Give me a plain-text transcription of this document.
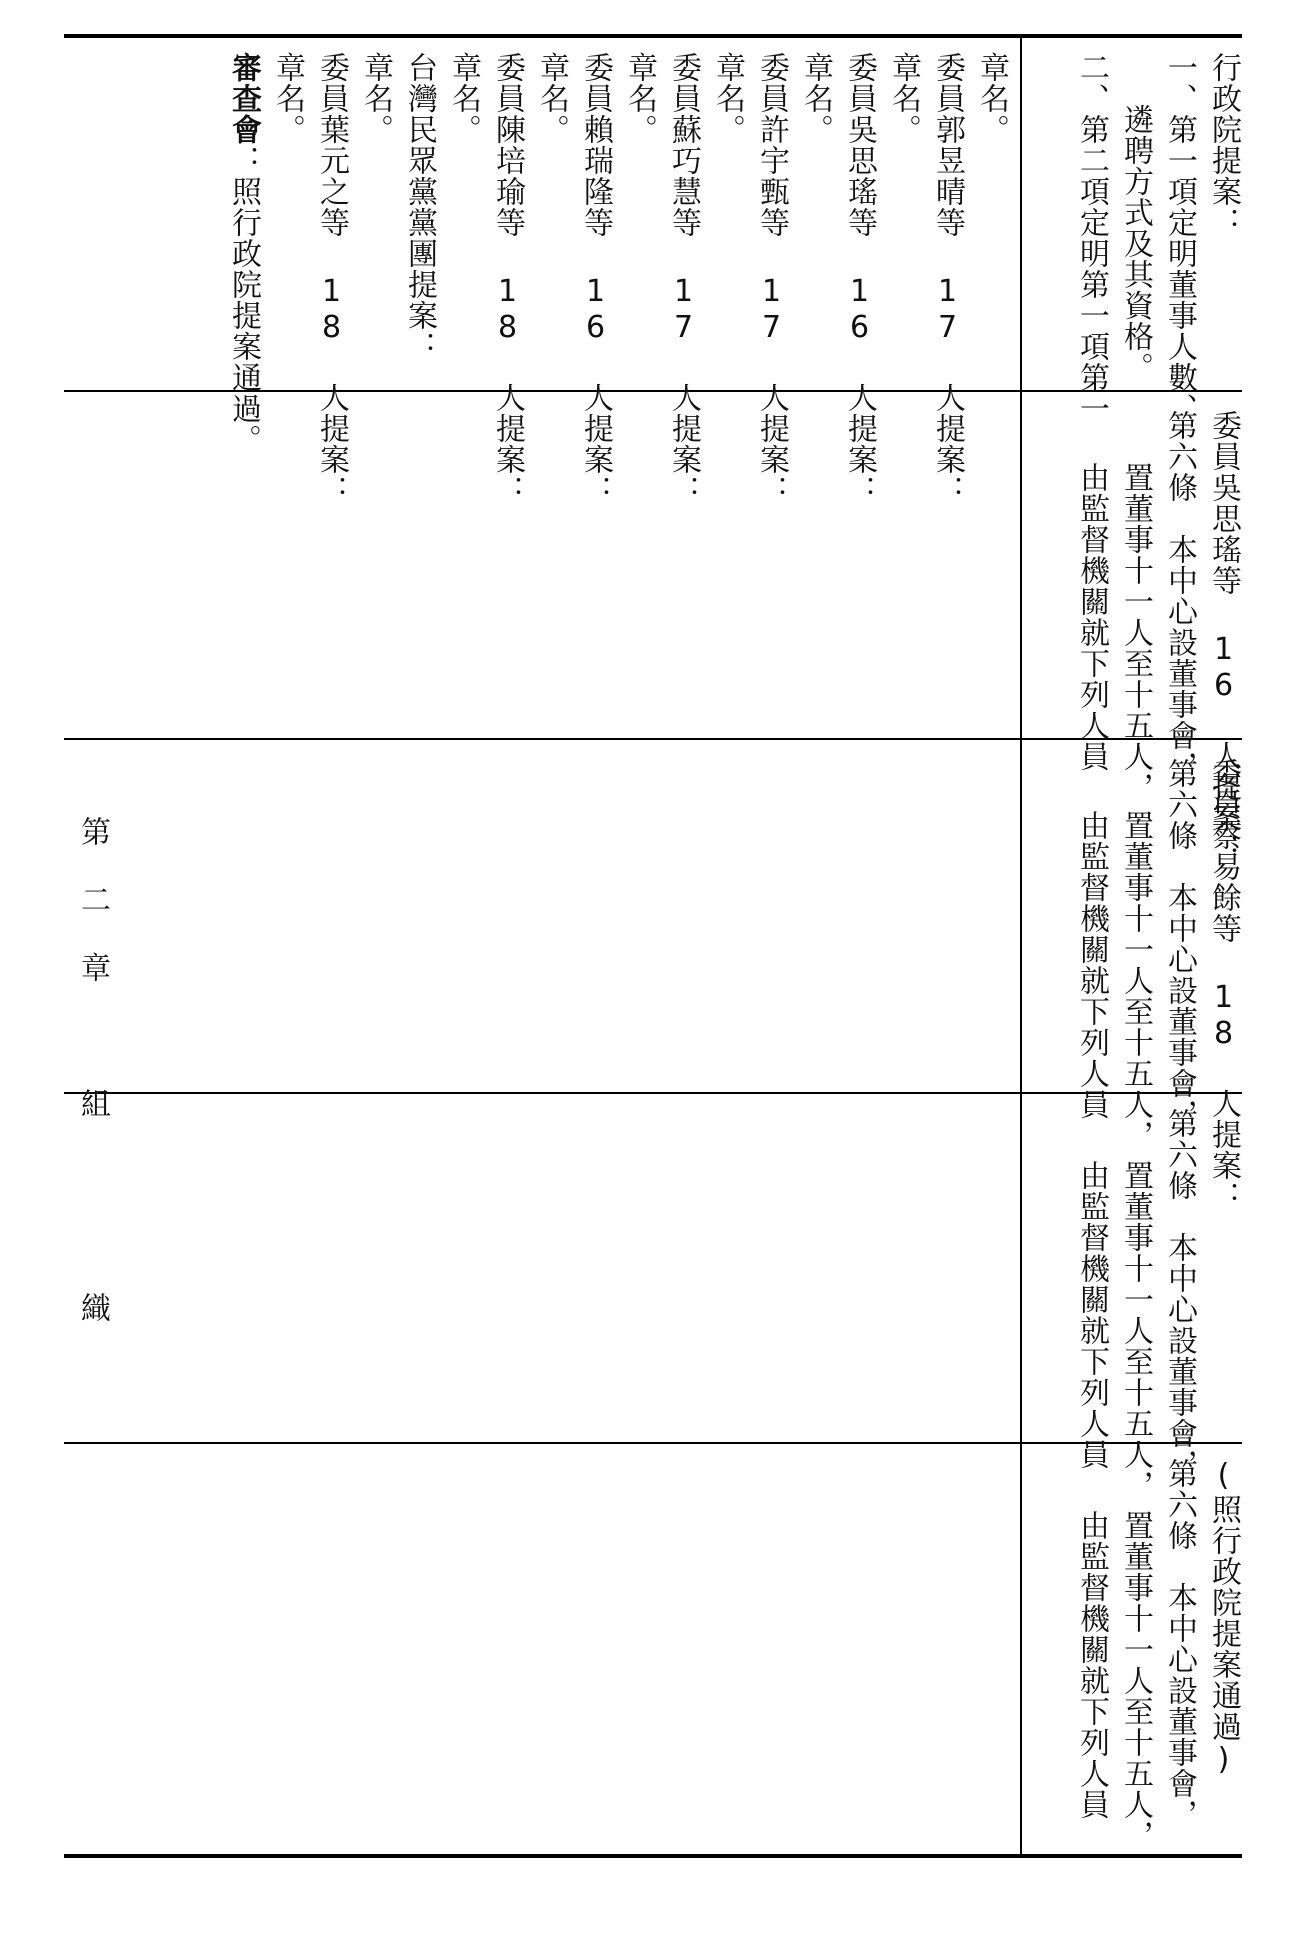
章名。
委員郭昱晴等 17 人提案：
章名。
委員吳思瑤等 16 人提案：
章名。
委員許宇甄等 17 人提案：
章名。
委員蘇巧慧等 17 人提案：
章名。
委員賴瑞隆等 16 人提案：
章名。
委員陳培瑜等 18 人提案：
章名。
台灣民眾黨黨團提案：
章名。
委員葉元之等 18 人提案：
章名。
審查會：照行政院提案通過。
第二章　組　　織
行政院提案：
一、第一項定明董事人數、
遴聘方式及其資格。
二、第二項定明第一項第一
委員吳思瑤等 16 人提案：
第六條　本中心設董事會，
置董事十一人至十五人，
由監督機關就下列人員
委員蔡易餘等 18 人提案：
第六條　本中心設董事會，
置董事十一人至十五人，
由監督機關就下列人員
第六條　本中心設董事會，
置董事十一人至十五人，
由監督機關就下列人員
(照行政院提案通過)
第六條　本中心設董事會，
置董事十一人至十五人，
由監督機關就下列人員
